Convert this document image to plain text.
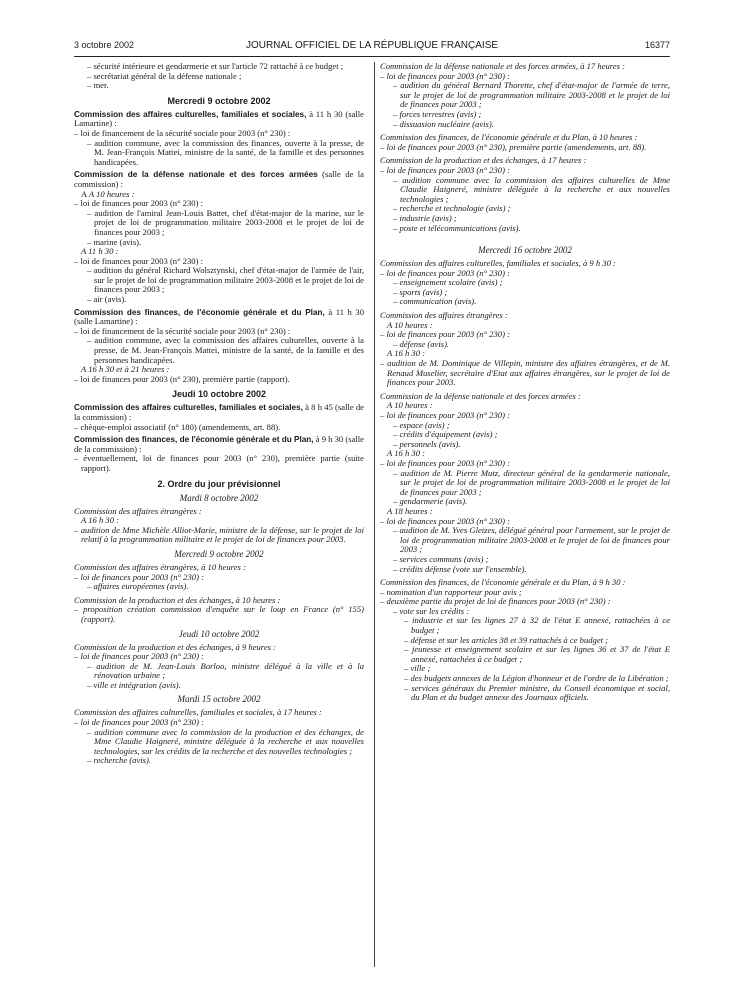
3 octobre 2002	JOURNAL OFFICIEL DE LA RÉPUBLIQUE FRANÇAISE	16377

– sécurité intérieure et gendarmerie et sur l'article 72 rattaché à ce budget ;

– secrétariat général de la défense nationale ;

– mer.

Mercredi 9 octobre 2002

Commission des affaires culturelles, familiales et sociales, à 11 h 30 (salle Lamartine) :

– loi de financement de la sécurité sociale pour 2003 (n° 230) :

– audition commune, avec la commission des finances, ouverte à la presse, de M. Jean-François Mattei, ministre de la santé, de la famille et des personnes handicapées.

Commission de la défense nationale et des forces armées (salle de la commission) :

A A 10 heures :

– loi de finances pour 2003 (n° 230) :

– audition de l'amiral Jean-Louis Battet, chef d'état-major de la marine, sur le projet de loi de programmation militaire 2003-2008 et le projet de loi de finances pour 2003 ;

– marine (avis).

A 11 h 30 :

– loi de finances pour 2003 (n° 230) :

– audition du général Richard Wolsztynski, chef d'état-major de l'armée de l'air, sur le projet de loi de programmation militaire 2003-2008 et le projet de loi de finances pour 2003 ;

– air (avis).

Commission des finances, de l'économie générale et du Plan, à 11 h 30 (salle Lamartine) :

– loi de financement de la sécurité sociale pour 2003 (n° 230) :

– audition commune, avec la commission des affaires culturelles, ouverte à la presse, de M. Jean-François Mattei, ministre de la santé, de la famille et des personnes handicapées.

A 16 h 30 et à 21 heures :

– loi de finances pour 2003 (n° 230), première partie (rapport).

Jeudi 10 octobre 2002

Commission des affaires culturelles, familiales et sociales, à 8 h 45 (salle de la commission) :

– chèque-emploi associatif (n° 180) (amendements, art. 88).

Commission des finances, de l'économie générale et du Plan, à 9 h 30 (salle de la commission) :

– éventuellement, loi de finances pour 2003 (n° 230), première partie (suite rapport).

2. Ordre du jour prévisionnel
Mardi 8 octobre 2002

Commission des affaires étrangères :

A 16 h 30 :

– audition de Mme Michèle Alliot-Marie, ministre de la défense, sur le projet de loi relatif à la programmation militaire et le projet de loi de finances pour 2003.

Mercredi 9 octobre 2002

Commission des affaires étrangères, à 10 heures :

– loi de finances pour 2003 (n° 230) :

– affaires européennes (avis).

Commission de la production et des échanges, à 10 heures :

– proposition création commission d'enquête sur le loup en France (n° 155) (rapport).

Jeudi 10 octobre 2002

Commission de la production et des échanges, à 9 heures :

– loi de finances pour 2003 (n° 230) :

– audition de M. Jean-Louis Borloo, ministre délégué à la ville et à la rénovation urbaine ;

– ville et intégration (avis).

Mardi 15 octobre 2002

Commission des affaires culturelles, familiales et sociales, à 17 heures :

– loi de finances pour 2003 (n° 230) :

– audition commune avec la commission de la production et des échanges, de Mme Claudie Haigneré, ministre déléguée à la recherche et aux nouvelles technologies, sur les crédits de la recherche et des nouvelles technologies ;

– recherche (avis).

Commission de la défense nationale et des forces armées, à 17 heures :

– loi de finances pour 2003 (n° 230) :

– audition du général Bernard Thorette, chef d'état-major de l'armée de terre, sur le projet de loi de programmation militaire 2003-2008 et le projet de loi de finances pour 2003 ;

– forces terrestres (avis) ;

– dissuasion nucléaire (avis).

Commission des finances, de l'économie générale et du Plan, à 10 heures :

– loi de finances pour 2003 (n° 230), première partie (amendements, art. 88).

Commission de la production et des échanges, à 17 heures :

– loi de finances pour 2003 (n° 230) :

– audition commune avec la commission des affaires culturelles de Mme Claudie Haigneré, ministre déléguée à la recherche et aux nouvelles technologies ;

– recherche et technologie (avis) ;

– industrie (avis) ;

– poste et télécommunications (avis).

Mercredi 16 octobre 2002

Commission des affaires culturelles, familiales et sociales, à 9 h 30 :

– loi de finances pour 2003 (n° 230) :

– enseignement scolaire (avis) ;

– sports (avis) ;

– communication (avis).

Commission des affaires étrangères :

A 10 heures :

– loi de finances pour 2003 (n° 230) :

– défense (avis).

A 16 h 30 :

– audition de M. Dominique de Villepin, ministre des affaires étrangères, et de M. Renaud Muselier, secrétaire d'Etat aux affaires étrangères, sur le projet de loi de finances pour 2003.

Commission de la défense nationale et des forces armées :

A 10 heures :

– loi de finances pour 2003 (n° 230) :

– espace (avis) ;

– crédits d'équipement (avis) ;

– personnels (avis).

A 16 h 30 :

– loi de finances pour 2003 (n° 230) :

– audition de M. Pierre Mutz, directeur général de la gendarmerie nationale, sur le projet de loi de programmation militaire 2003-2008 et le projet de loi de finances pour 2003 ;

– gendarmerie (avis).

A 18 heures :

– loi de finances pour 2003 (n° 230) :

– audition de M. Yves Gleizes, délégué général pour l'armement, sur le projet de loi de programmation militaire 2003-2008 et le projet de loi de finances pour 2003 ;

– services communs (avis) ;

– crédits défense (vote sur l'ensemble).

Commission des finances, de l'économie générale et du Plan, à 9 h 30 :

– nomination d'un rapporteur pour avis ;

– deuxième partie du projet de loi de finances pour 2003 (n° 230) :

– vote sur les crédits :

– industrie et sur les lignes 27 à 32 de l'état E annexé, rattachées à ce budget ;

– défense et sur les articles 38 et 39 rattachés à ce budget ;

– jeunesse et enseignement scolaire et sur les lignes 36 et 37 de l'état E annexé, rattachées à ce budget ;

– ville ;

– des budgets annexes de la Légion d'honneur et de l'ordre de la Libération ;

– services généraux du Premier ministre, du Conseil économique et social, du Plan et du budget annexe des Journaux officiels.
